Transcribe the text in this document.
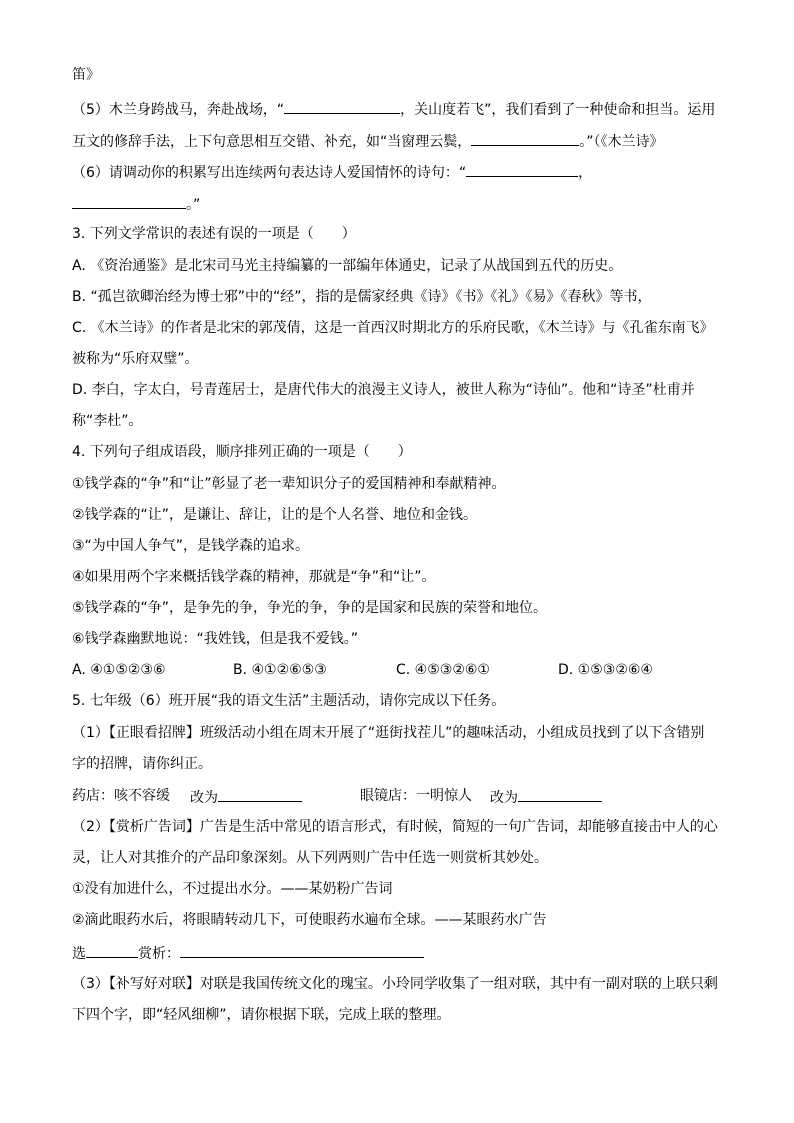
笛》
（5）木兰身跨战马，奔赴战场，“	，关山度若飞”，我们看到了一种使命和担当。运用
互文的修辞手法，上下句意思相互交错、补充，如“当窗理云鬓，	。”（《木兰诗》
（6）请调动你的积累写出连续两句表达诗人爱国情怀的诗句：“	，
。”
3. 下列文学常识的表述有误的一项是（　　）
A. 《资治通鉴》是北宋司马光主持编纂的一部编年体通史，记录了从战国到五代的历史。
B. “孤岂欲卿治经为博士邪”中的“经”，指的是儒家经典《诗》《书》《礼》《易》《春秋》等书，
C. 《木兰诗》的作者是北宋的郭茂倩，这是一首西汉时期北方的乐府民歌，《木兰诗》与《孔雀东南飞》
被称为“乐府双璧”。
D. 李白，字太白，号青莲居士，是唐代伟大的浪漫主义诗人，被世人称为“诗仙”。他和“诗圣”杜甫并
称“李杜”。
4. 下列句子组成语段，顺序排列正确的一项是（　　）
①钱学森的“争”和“让”彰显了老一辈知识分子的爱国精神和奉献精神。
②钱学森的“让”，是谦让、辞让，让的是个人名誉、地位和金钱。
③“为中国人争气”，是钱学森的追求。
④如果用两个字来概括钱学森的精神，那就是“争”和“让”。
⑤钱学森的“争”，是争先的争，争光的争，争的是国家和民族的荣誉和地位。
⑥钱学森幽默地说：“我姓钱，但是我不爱钱。”
A. ④①⑤②③⑥	B. ④①②⑥⑤③	C. ④⑤③②⑥①	D. ①⑤③②⑥④
5. 七年级（6）班开展“我的语文生活”主题活动，请你完成以下任务。
（1）【正眼看招牌】班级活动小组在周末开展了“逛街找茬儿”的趣味活动，小组成员找到了以下含错别
字的招牌，请你纠正。
药店：咳不容缓 改为	眼镜店：一明惊人 改为
（2）【赏析广告词】广告是生活中常见的语言形式，有时候，简短的一句广告词，却能够直接击中人的心
灵，让人对其推介的产品印象深刻。从下列两则广告中任选一则赏析其妙处。
①没有加进什么，不过提出水分。——某奶粉广告词
②滴此眼药水后，将眼睛转动几下，可使眼药水遍布全球。——某眼药水广告
选	赏析：
（3）【补写好对联】对联是我国传统文化的瑰宝。小玲同学收集了一组对联，其中有一副对联的上联只剩
下四个字，即“轻风细柳”，请你根据下联，完成上联的整理。
